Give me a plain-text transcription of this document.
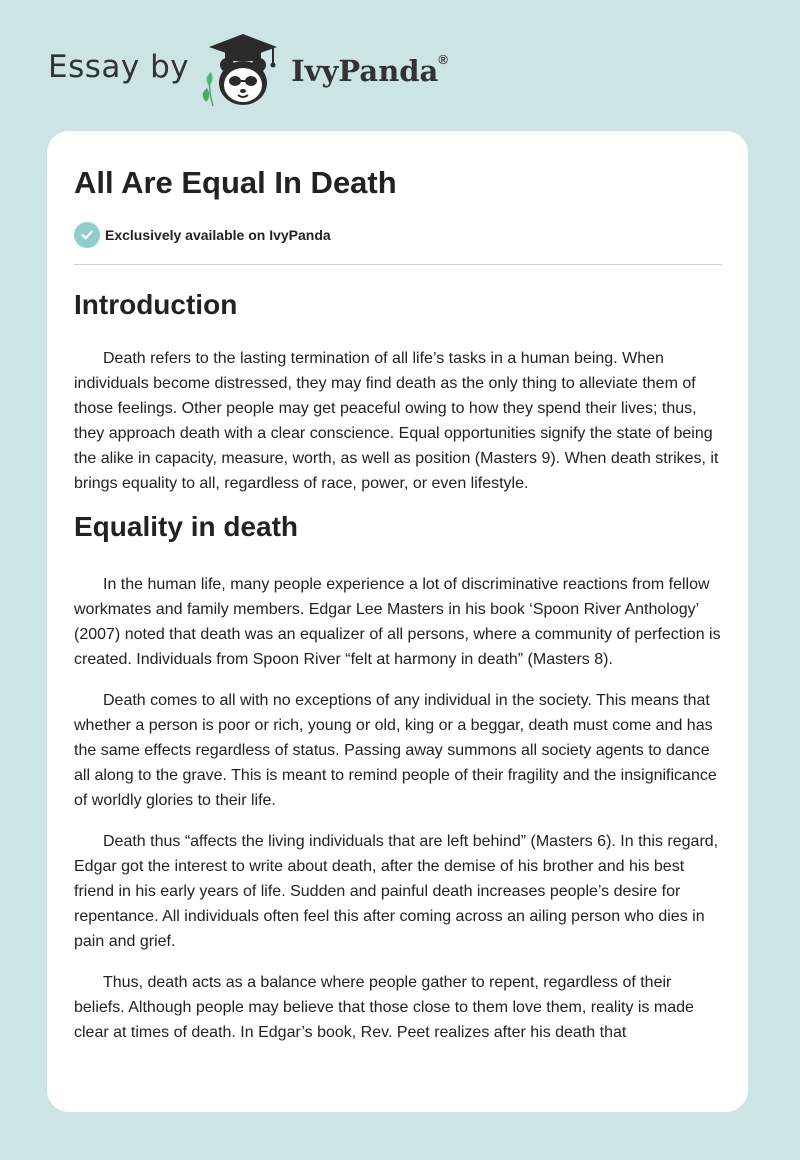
Essay by	IvyPanda®
All Are Equal In Death
Exclusively available on IvyPanda
Introduction

Death refers to the lasting termination of all life’s tasks in a human being. When individuals become distressed, they may find death as the only thing to alleviate them of those feelings. Other people may get peaceful owing to how they spend their lives; thus, they approach death with a clear conscience. Equal opportunities signify the state of being the alike in capacity, measure, worth, as well as position (Masters 9). When death strikes, it brings equality to all, regardless of race, power, or even lifestyle.

Equality in death

In the human life, many people experience a lot of discriminative reactions from fellow workmates and family members. Edgar Lee Masters in his book ‘Spoon River Anthology’ (2007) noted that death was an equalizer of all persons, where a community of perfection is created. Individuals from Spoon River “felt at harmony in death” (Masters 8).

Death comes to all with no exceptions of any individual in the society. This means that whether a person is poor or rich, young or old, king or a beggar, death must come and has the same effects regardless of status. Passing away summons all society agents to dance all along to the grave. This is meant to remind people of their fragility and the insignificance of worldly glories to their life.

Death thus “affects the living individuals that are left behind” (Masters 6). In this regard, Edgar got the interest to write about death, after the demise of his brother and his best friend in his early years of life. Sudden and painful death increases people’s desire for repentance. All individuals often feel this after coming across an ailing person who dies in pain and grief.

Thus, death acts as a balance where people gather to repent, regardless of their beliefs. Although people may believe that those close to them love them, reality is made clear at times of death. In Edgar’s book, Rev. Peet realizes after his death that
